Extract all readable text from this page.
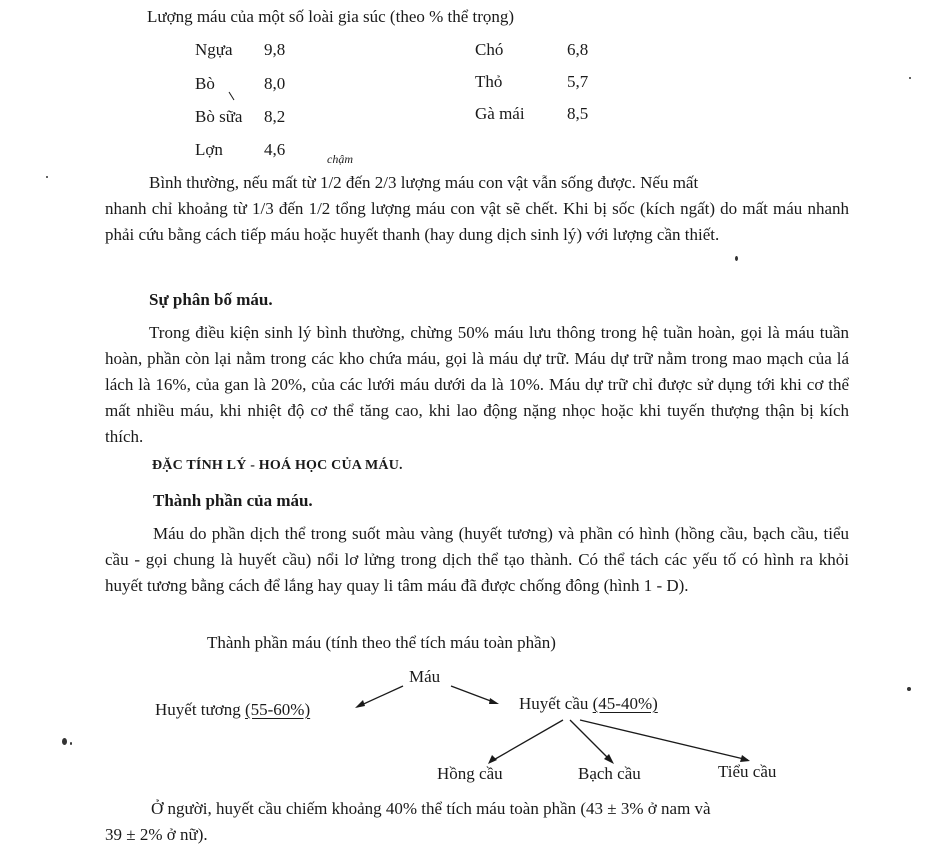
Lượng máu của một số loài gia súc (theo % thể trọng)
Ngựa 9,8
Bò	8,0
Bò sữa 8,2
Lợn 4,6
Chó	6,8
Thỏ	5,7
Gà mái 8,5
chậm
Bình thường, nếu mất từ 1/2 đến 2/3 lượng máu con vật vẫn sống được. Nếu mất
nhanh chỉ khoảng từ 1/3 đến 1/2 tổng lượng máu con vật sẽ chết. Khi bị sốc (kích ngất) do mất máu nhanh phải cứu bằng cách tiếp máu hoặc huyết thanh (hay dung dịch sinh lý) với lượng cần thiết.
Sự phân bố máu.
Trong điều kiện sinh lý bình thường, chừng 50% máu lưu thông trong hệ tuần hoàn, gọi là máu tuần hoàn, phần còn lại nằm trong các kho chứa máu, gọi là máu dự trữ. Máu dự trữ nằm trong mao mạch của lá lách là 16%, của gan là 20%, của các lưới máu dưới da là 10%. Máu dự trữ chỉ được sử dụng tới khi cơ thể mất nhiều máu, khi nhiệt độ cơ thể tăng cao, khi lao động nặng nhọc hoặc khi tuyến thượng thận bị kích thích.
ĐẶC TÍNH LÝ - HOÁ HỌC CỦA MÁU.
Thành phần của máu.
Máu do phần dịch thể trong suốt màu vàng (huyết tương) và phần có hình (hồng cầu, bạch cầu, tiểu cầu - gọi chung là huyết cầu) nổi lơ lửng trong dịch thể tạo thành. Có thể tách các yếu tố có hình ra khỏi huyết tương bằng cách để lắng hay quay li tâm máu đã được chống đông (hình 1 - D).
Thành phần máu (tính theo thể tích máu toàn phần)
Máu
Huyết tương (55-60%)	Huyết cầu (45-40%)
Hồng cầu	Bạch cầu	Tiểu cầu
Ở người, huyết cầu chiếm khoảng 40% thể tích máu toàn phần (43 ± 3% ở nam và
39 ± 2% ở nữ).
